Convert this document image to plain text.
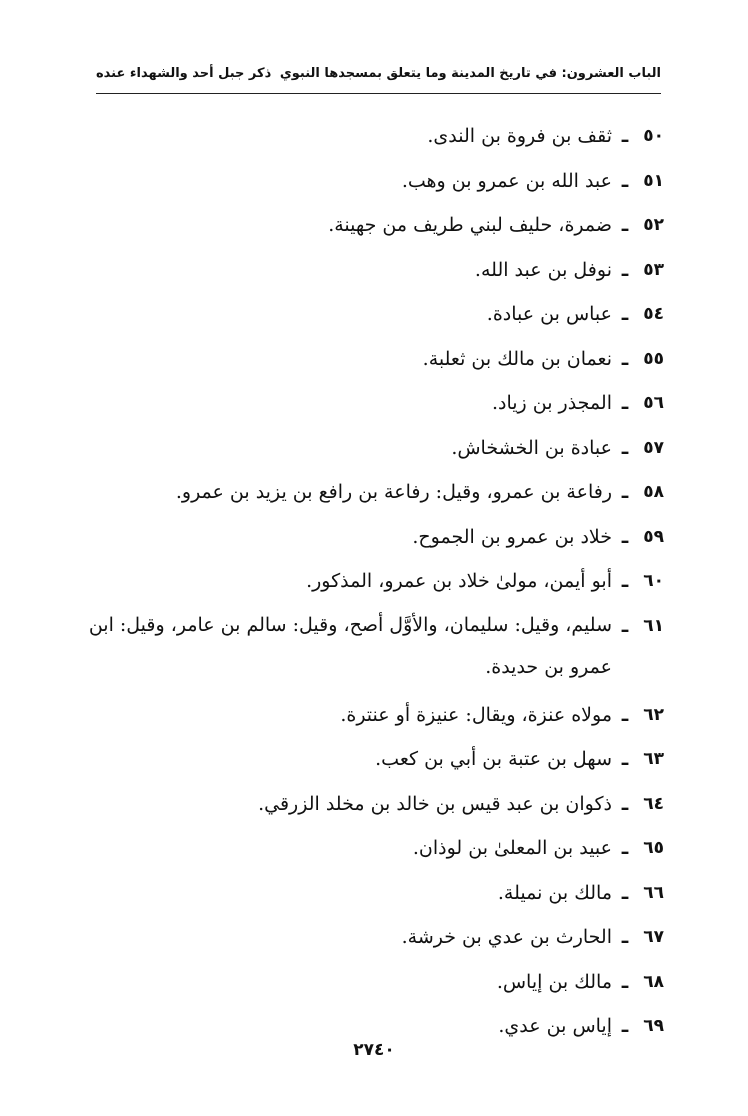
الباب العشرون: في تاريخ المدينة وما يتعلق بمسجدها النبوي
ذكر جبل أحد والشهداء عنده
٥٠
ـ
ثقف بن فروة بن الندى.
٥١
ـ
عبد الله بن عمرو بن وهب.
٥٢
ـ
ضمرة، حليف لبني طريف من جهينة.
٥٣
ـ
نوفل بن عبد الله.
٥٤
ـ
عباس بن عبادة.
٥٥
ـ
نعمان بن مالك بن ثعلبة.
٥٦
ـ
المجذر بن زياد.
٥٧
ـ
عبادة بن الخشخاش.
٥٨
ـ
رفاعة بن عمرو، وقيل: رفاعة بن رافع بن يزيد بن عمرو.
٥٩
ـ
خلاد بن عمرو بن الجموح.
٦٠
ـ
أبو أيمن، مولىٰ خلاد بن عمرو، المذكور.
٦١
ـ
سليم، وقيل: سليمان، والأوَّل أصح، وقيل: سالم بن عامر، وقيل: ابن عمرو بن حديدة.
٦٢
ـ
مولاه عنزة، ويقال: عنيزة أو عنترة.
٦٣
ـ
سهل بن عتبة بن أبي بن كعب.
٦٤
ـ
ذكوان بن عبد قيس بن خالد بن مخلد الزرقي.
٦٥
ـ
عبيد بن المعلىٰ بن لوذان.
٦٦
ـ
مالك بن نميلة.
٦٧
ـ
الحارث بن عدي بن خرشة.
٦٨
ـ
مالك بن إياس.
٦٩
ـ
إياس بن عدي.
٢٧٤٠
